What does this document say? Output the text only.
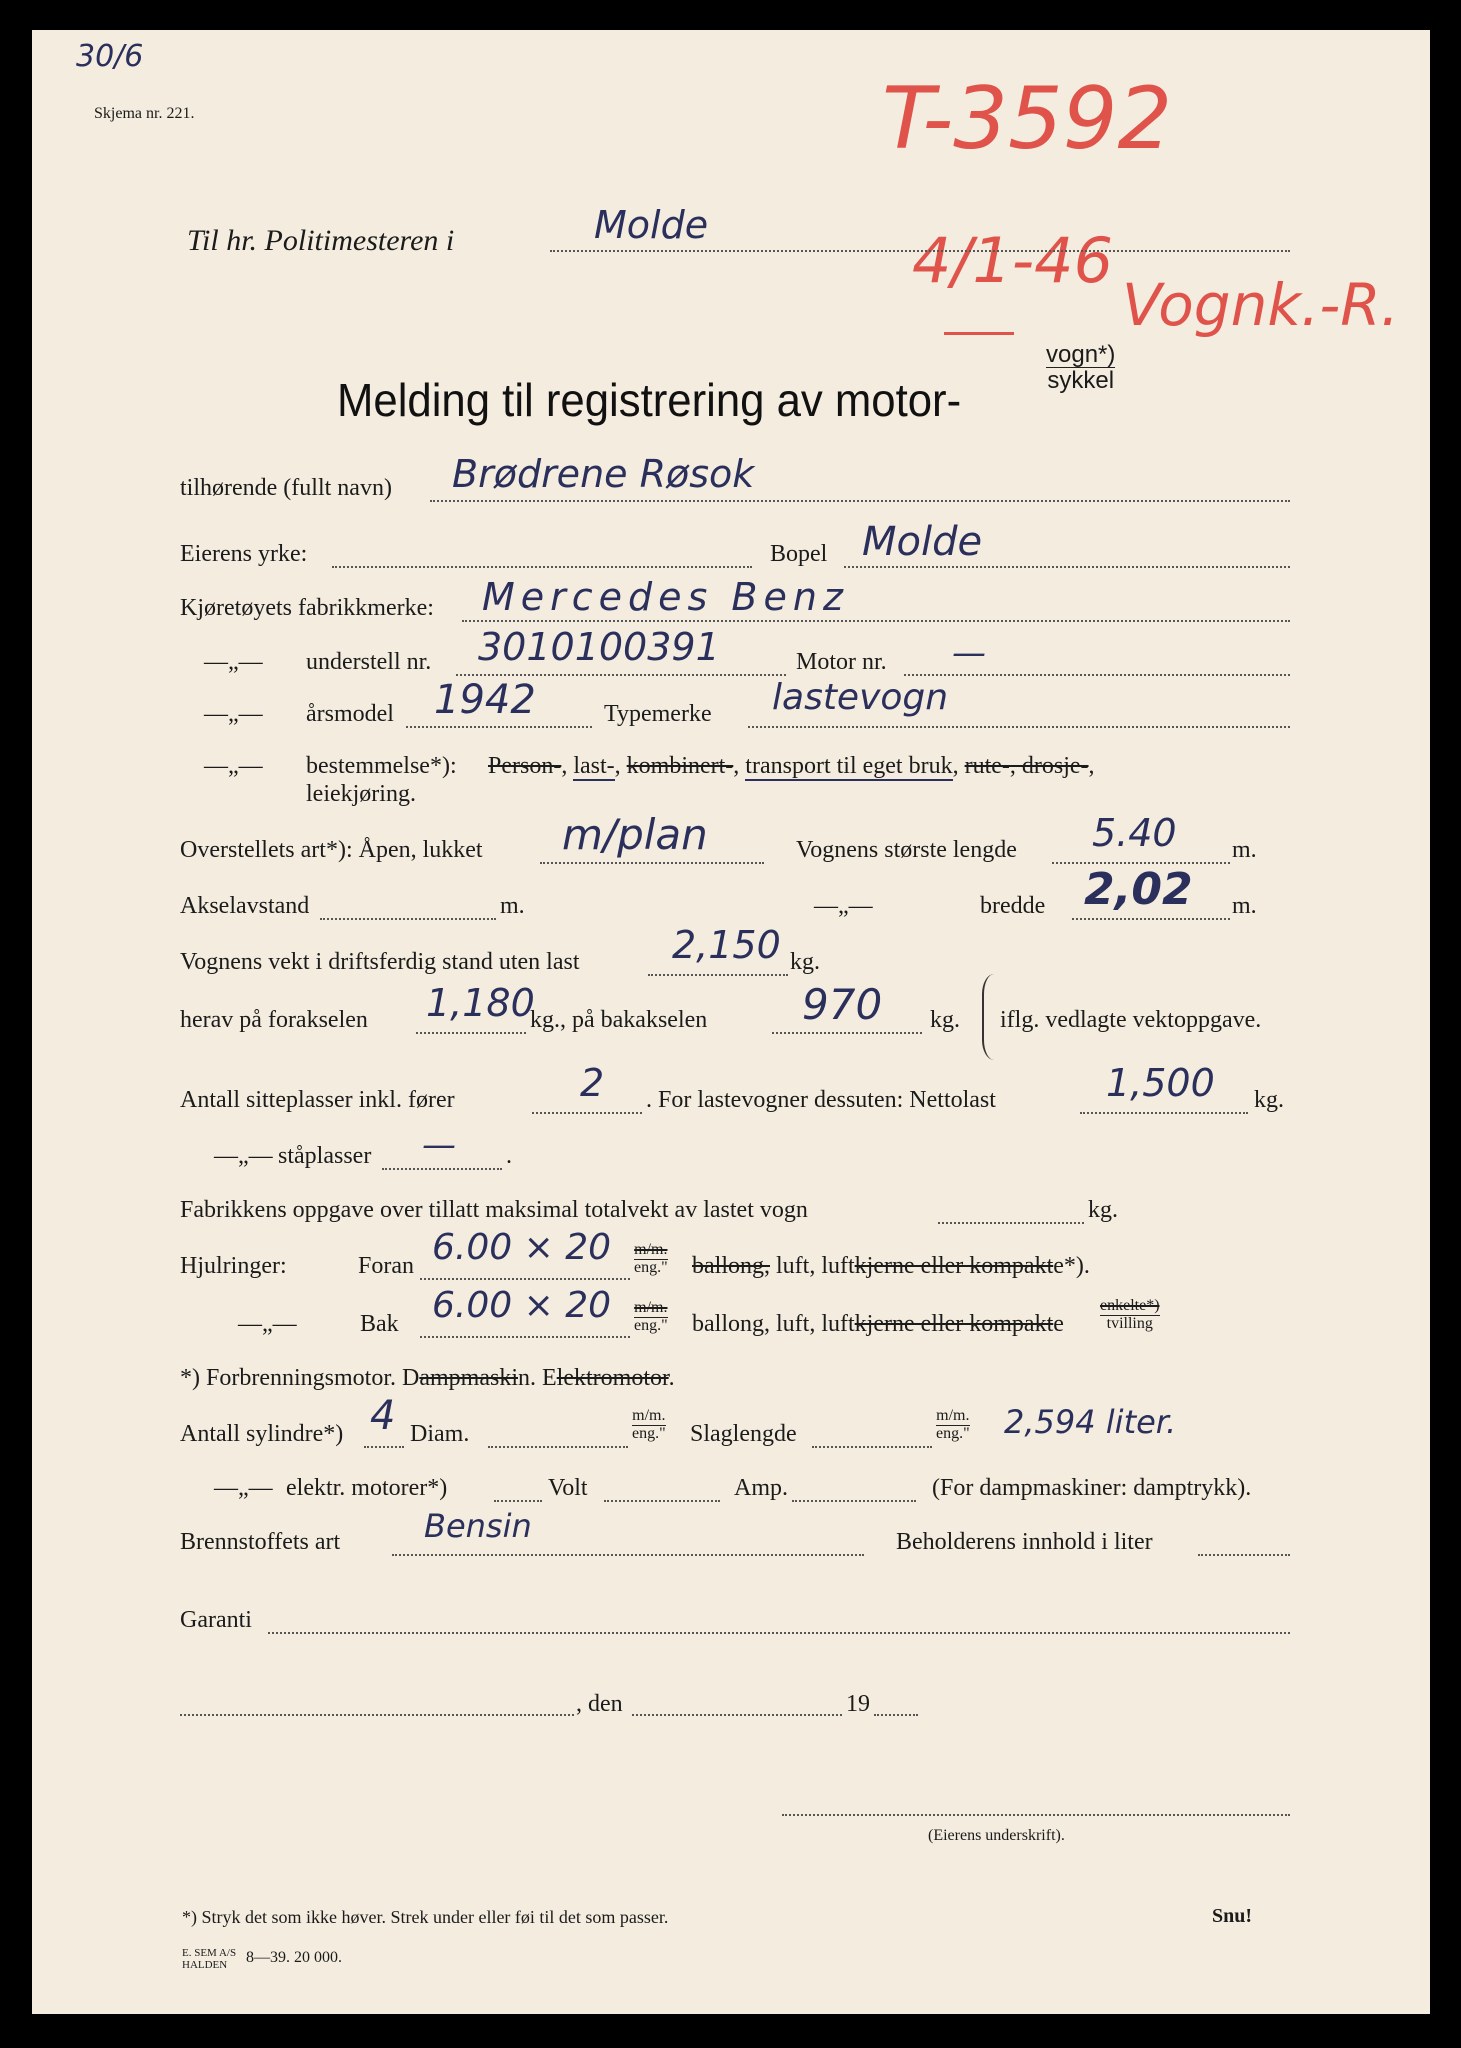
30/6
Skjema nr. 221.	T-3592
4/1-46
Vognk.-R.
Til hr. Politimesteren i	Molde
Melding til registrering av motor-
vogn*)
sykkel
tilhørende (fullt navn) Brødrene Røsok
Eierens yrke:	Bopel Molde
Kjøretøyets fabrikkmerke: Mercedes Benz
—„— understell nr. 3010100391	Motor nr. —
—„— årsmodel 1942	Typemerke lastevogn
—„— bestemmelse*): Person-, last-, kombinert-, transport til eget bruk, rute-, drosje-,
leiekjøring.
Overstellets art*): Åpen, lukket m/plan	Vognens største lengde 5.40 m.
Akselavstand	m.	—„—	bredde 2,02 m.
Vognens vekt i driftsferdig stand uten last 2,150 kg.
herav på forakselen 1,180
kg., på bakakselen 970 kg. iflg. vedlagte vektoppgave.
Antall sitteplasser inkl. fører	2 . For lastevogner dessuten: Nettolast	1,500 kg.
—„— ståplasser — .
Fabrikkens oppgave over tillatt maksimal totalvekt av lastet vogn	kg.
Hjulringer:	Foran 6.00 × 20 m/m.
eng." ballong, luft, luftkjerne eller kompakte*).
—„—	Bak 6.00 × 20 m/m.
eng." ballong, luft, luftkjerne eller kompakte
enkelte*)
tvilling
*) Forbrenningsmotor. Dampmaskin. Elektromotor.
Antall sylindre*) 4 Diam.
m/m.
eng." Slaglengde
m/m.
eng." 2,594 liter.
—„— elektr. motorer*)	Volt	Amp.	(For dampmaskiner: damptrykk).
Brennstoffets art	Bensin	Beholderens innhold i liter
Garanti
, den	19
(Eierens underskrift).
*) Stryk det som ikke høver. Strek under eller føi til det som passer.	Snu!
E. SEM A/S
HALDEN 8—39. 20 000.
